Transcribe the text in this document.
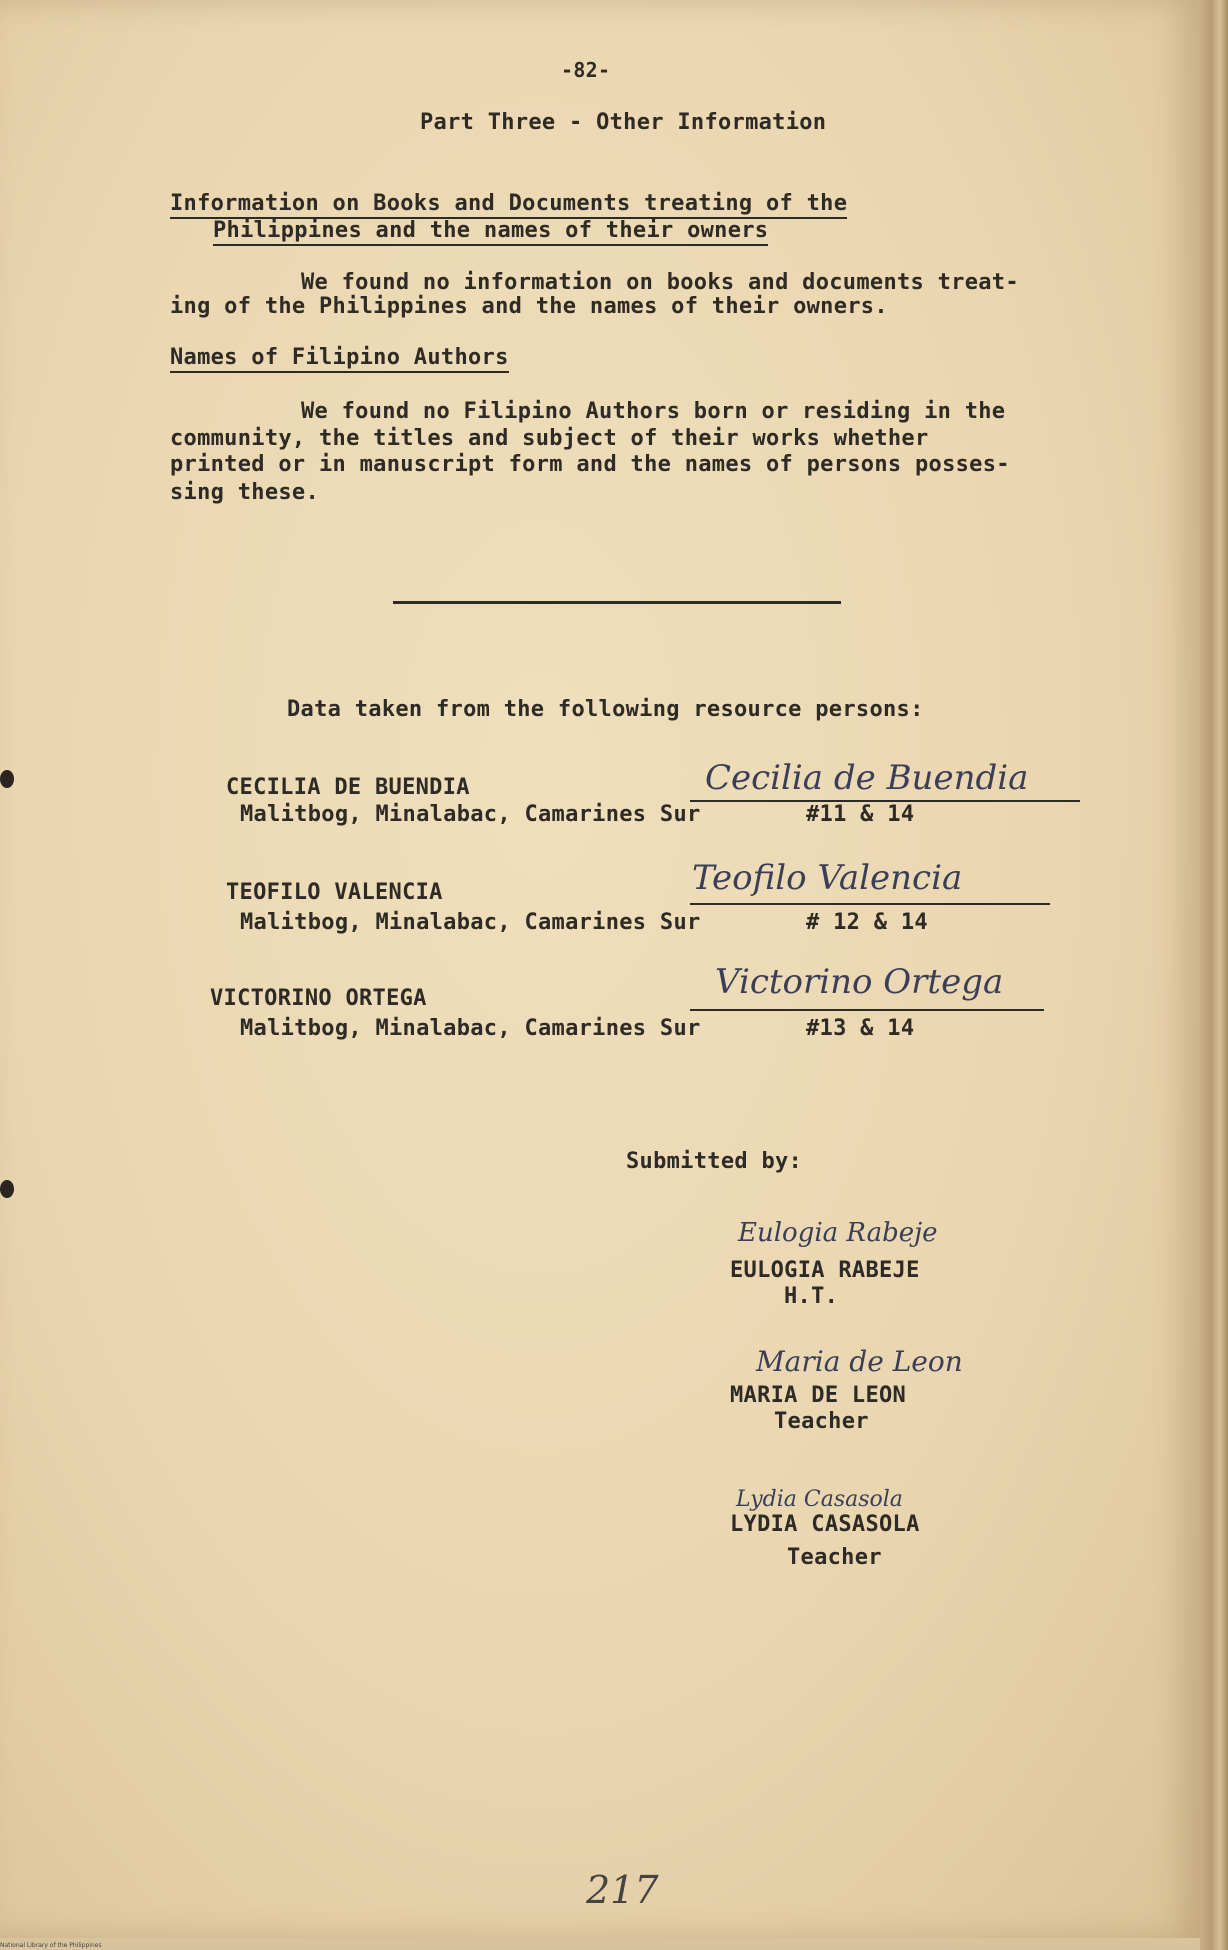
-82-
Part Three - Other Information
Information on Books and Documents treating of the
Philippines and the names of their owners
We found no information on books and documents treat-
ing of the Philippines and the names of their owners.
Names of Filipino Authors
We found no Filipino Authors born or residing in the
community, the titles and subject of their works whether
printed or in manuscript form and the names of persons posses-
sing these.
Data taken from the following resource persons:
CECILIA DE BUENDIA	Cecilia de Buendia
Malitbog, Minalabac, Camarines Sur	#11 & 14
TEOFILO VALENCIA	Teofilo Valencia
Malitbog, Minalabac, Camarines Sur	# 12 & 14
VICTORINO ORTEGA	Victorino Ortega
Malitbog, Minalabac, Camarines Sur	#13 & 14
Submitted by:
Eulogia Rabeje
EULOGIA RABEJE
H.T.
Maria de Leon
MARIA DE LEON
Teacher
Lydia Casasola
LYDIA CASASOLA
Teacher
217
National Library of the Philippines
